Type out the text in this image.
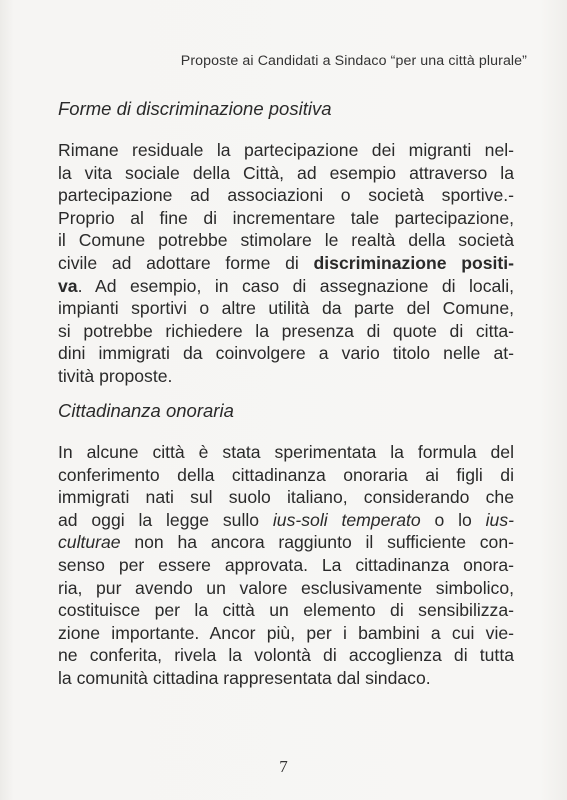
Proposte ai Candidati a Sindaco “per una città plurale”
Forme di discriminazione positiva
Rimane residuale la partecipazione dei migranti nel-
la vita sociale della Città, ad esempio attraverso la
partecipazione ad associazioni o società sportive.-
Proprio al fine di incrementare tale partecipazione,
il Comune potrebbe stimolare le realtà della società
civile ad adottare forme di discriminazione positi-
va. Ad esempio, in caso di assegnazione di locali,
impianti sportivi o altre utilità da parte del Comune,
si potrebbe richiedere la presenza di quote di citta-
dini immigrati da coinvolgere a vario titolo nelle at-
tività proposte.
Cittadinanza onoraria
In alcune città è stata sperimentata la formula del
conferimento della cittadinanza onoraria ai figli di
immigrati nati sul suolo italiano, considerando che
ad oggi la legge sullo ius-soli temperato o lo ius-
culturae non ha ancora raggiunto il sufficiente con-
senso per essere approvata. La cittadinanza onora-
ria, pur avendo un valore esclusivamente simbolico,
costituisce per la città un elemento di sensibilizza-
zione importante. Ancor più, per i bambini a cui vie-
ne conferita, rivela la volontà di accoglienza di tutta
la comunità cittadina rappresentata dal sindaco.
7
